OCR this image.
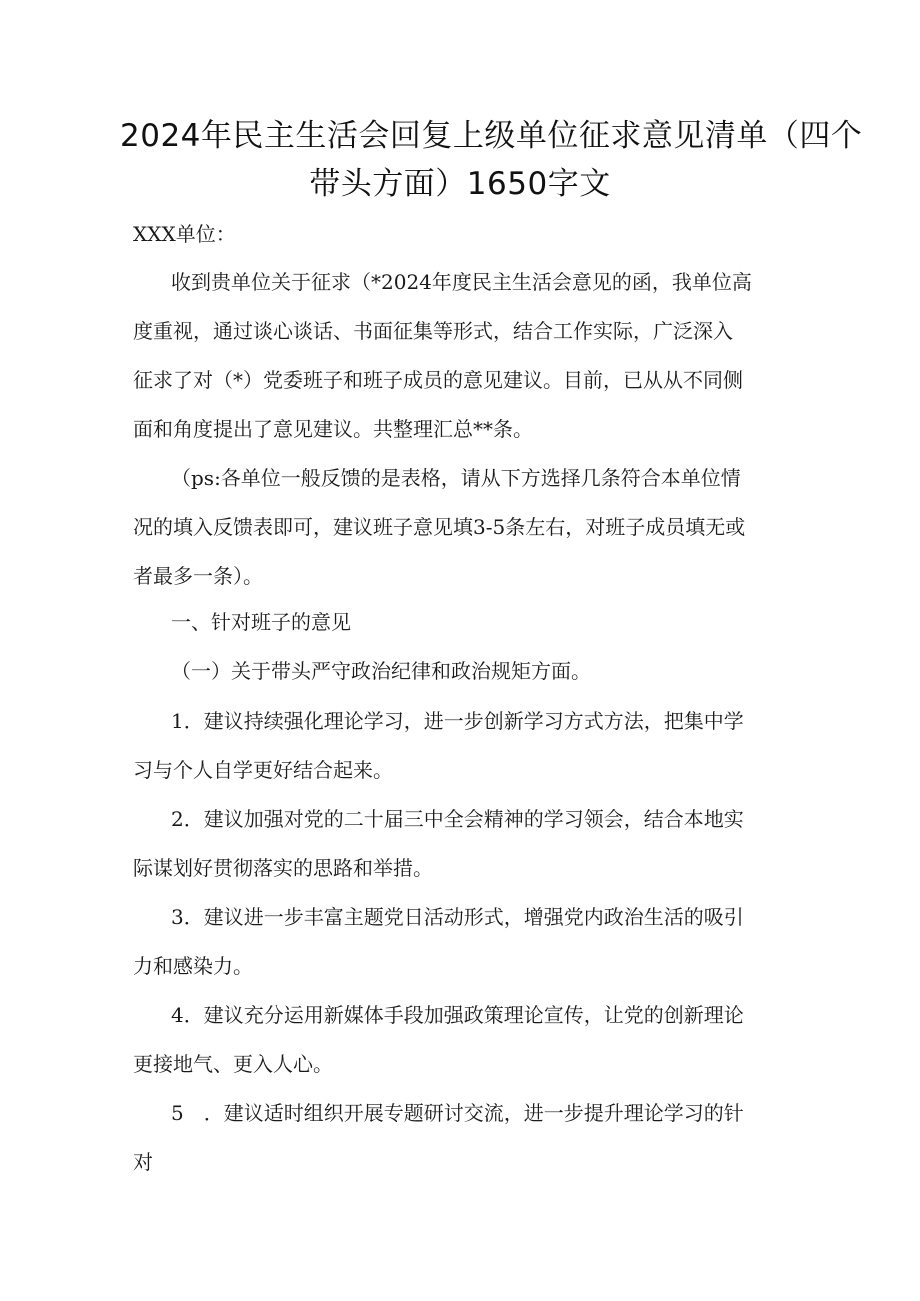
2024年民主生活会回复上级单位征求意见清单（四个
带头方面）1650字文
XXX单位：
收到贵单位关于征求（*2024年度民主生活会意见的函，我单位高
度重视，通过谈心谈话、书面征集等形式，结合工作实际，广泛深入
征求了对（*）党委班子和班子成员的意见建议。目前，已从从不同侧
面和角度提出了意见建议。共整理汇总**条。
（ps:各单位一般反馈的是表格，请从下方选择几条符合本单位情
况的填入反馈表即可，建议班子意见填3-5条左右，对班子成员填无或
者最多一条）。
一、针对班子的意见
（一）关于带头严守政治纪律和政治规矩方面。
1．建议持续强化理论学习，进一步创新学习方式方法，把集中学
习与个人自学更好结合起来。
2．建议加强对党的二十届三中全会精神的学习领会，结合本地实
际谋划好贯彻落实的思路和举措。
3．建议进一步丰富主题党日活动形式，增强党内政治生活的吸引
力和感染力。
4．建议充分运用新媒体手段加强政策理论宣传，让党的创新理论
更接地气、更入人心。
5　．建议适时组织开展专题研讨交流，进一步提升理论学习的针
对
